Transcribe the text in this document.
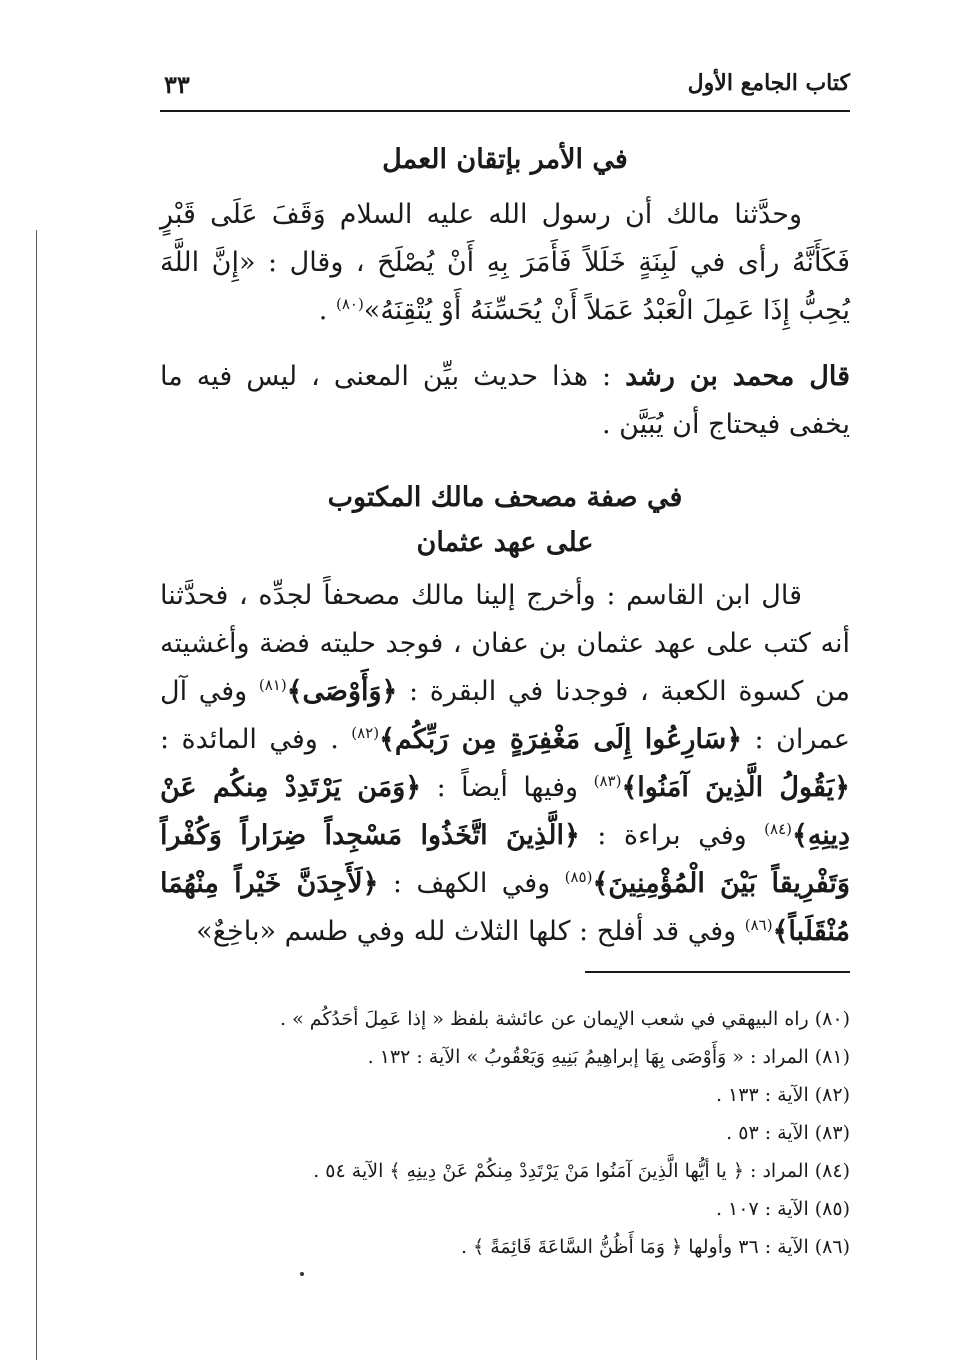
كتاب الجامع الأول
٣٣
في الأمر بإتقان العمل

وحدَّثنا مالك أن رسول الله عليه السلام وَقَفَ عَلَى قَبْرٍ فَكَأَنَّهُ رأى في لَبِنَةٍ خَلَلاً فَأَمَرَ بِهِ أَنْ يُصْلَحَ ، وقال : «إِنَّ اللَّهَ يُحِبُّ إِذَا عَمِلَ الْعَبْدُ عَمَلاً أَنْ يُحَسِّنَهُ أَوْ يُتْقِنَهُ»$^{(٨٠)}$ .

قال محمد بن رشد : هذا حديث بيِّن المعنى ، ليس فيه ما يخفى فيحتاج أن يُبَيَّن .

في صفة مصحف مالك المكتوب
على عهد عثمان

قال ابن القاسم : وأخرج إلينا مالك مصحفاً لجدِّه ، فحدَّثنا أنه كتب على عهد عثمان بن عفان ، فوجد حليته فضة وأغشيته من كسوة الكعبة ، فوجدنا في البقرة : ﴿وَأَوْصَى﴾$^{(٨١)}$ وفي آل عمران : ﴿سَارِعُوا إِلَى مَغْفِرَةٍ مِن رَبِّكُم﴾$^{(٨٢)}$ . وفي المائدة : ﴿يَقُولُ الَّذِينَ آمَنُوا﴾$^{(٨٣)}$ وفيها أيضاً : ﴿وَمَن يَرْتَدِدْ مِنكُم عَنْ دِينِهِ﴾$^{(٨٤)}$ وفي براءة : ﴿الَّذِينَ اتَّخَذُوا مَسْجِداً ضِرَاراً وَكُفْراً وَتَفْرِيقاً بَيْنَ الْمُؤْمِنِينَ﴾$^{(٨٥)}$ وفي الكهف : ﴿لَأَجِدَنَّ خَيْراً مِنْهُمَا مُنْقَلَباً﴾$^{(٨٦)}$ وفي قد أفلح : كلها الثلاث لله وفي طسم «باخِعٌ»

(٨٠)راه البيهقي في شعب الإيمان عن عائشة بلفظ « إذا عَمِلَ أحَدُكُم » .
(٨١)المراد : « وَأَوْصَى بِهَا إبراهِيمُ بَنِيهِ وَيَعْقُوبُ » الآية : ١٣٢ .
(٨٢)الآية : ١٣٣ .
(٨٣)الآية : ٥٣ .
(٨٤)المراد : ﴿ يا أيُّها الَّذِينَ آمَنُوا مَنْ يَرْتَدِدْ مِنكُمْ عَنْ دِينِهِ ﴾ الآية ٥٤ .
(٨٥)الآية : ١٠٧ .
(٨٦)الآية : ٣٦ وأولها ﴿ وَمَا أَظُنُّ السَّاعَةَ قَائِمَةً ﴾ .
